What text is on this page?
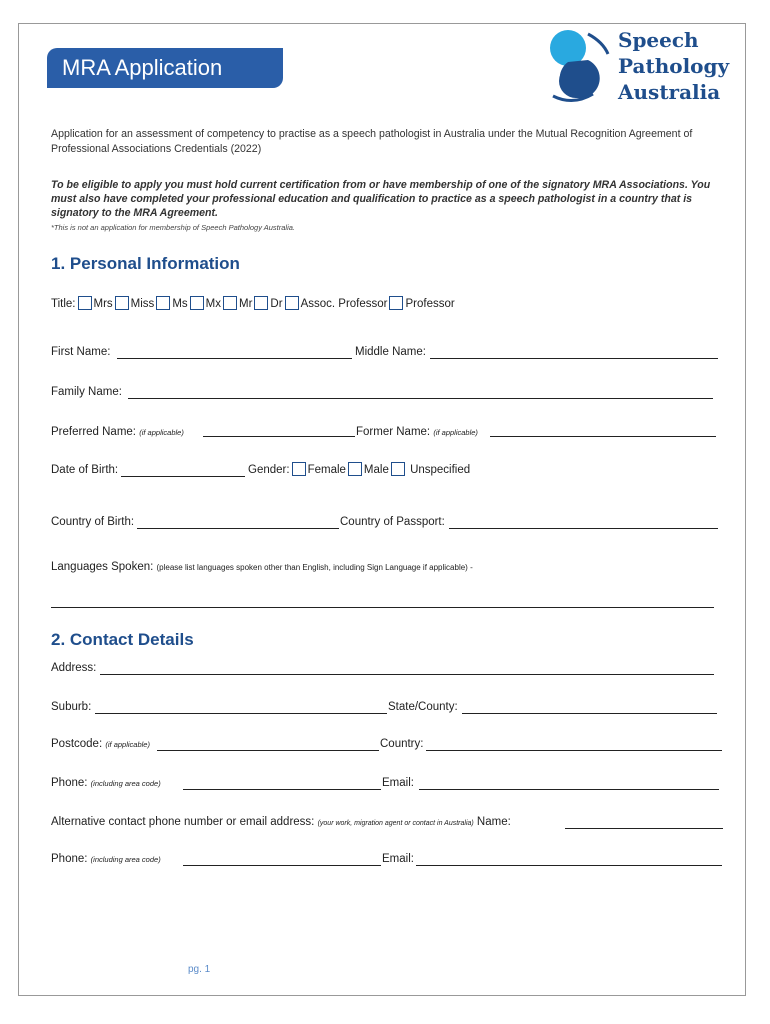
MRA Application
Speech
Pathology
Australia
Application for an assessment of competency to practise as a speech pathologist in Australia under the Mutual Recognition Agreement of Professional Associations Credentials (2022)
To be eligible to apply you must hold current certification from or have membership of one of the signatory MRA Associations. You must also have completed your professional education and qualification to practice as a speech pathologist in a country that is signatory to the MRA Agreement.
*This is not an application for membership of Speech Pathology Australia.
1. Personal Information
Title: Mrs Miss Ms Mx Mr Dr Assoc. Professor Professor
First Name:	Middle Name:
Family Name:
Preferred Name: (if applicable)	Former Name: (if applicable)
Date of Birth:	Gender: Female Male Unspecified
Country of Birth:	Country of Passport:
Languages Spoken: (please list languages spoken other than English, including Sign Language if applicable) -
2. Contact Details
Address:
Suburb:	State/County:
Postcode: (if applicable)	Country:
Phone: (including area code)	Email:
Alternative contact phone number or email address: (your work, migration agent or contact in Australia) Name:
Phone: (including area code)	Email:
pg. 1
